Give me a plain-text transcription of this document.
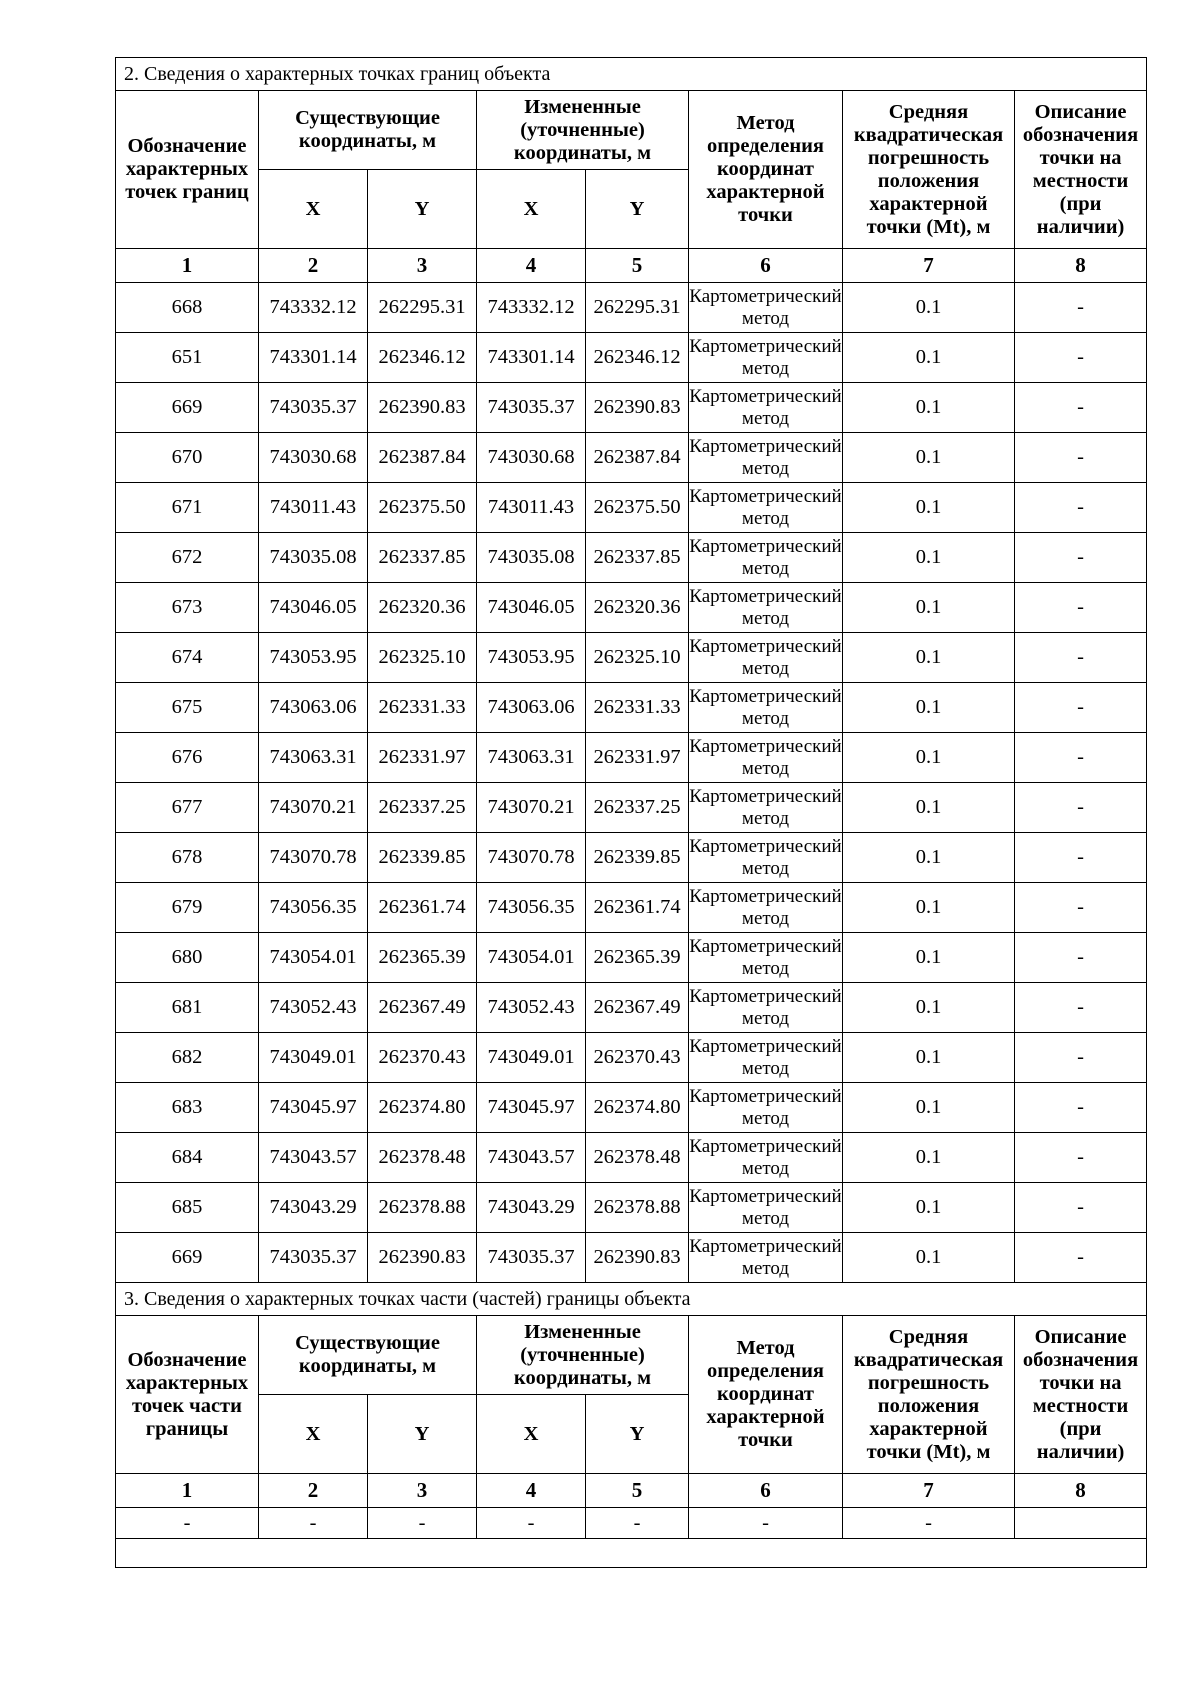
2. Сведения о характерных точках границ объекта							
Обозначение характерных точек границ	Существующие координаты, м		Измененные (уточненные) координаты, м		Метод определения координат характерной точки	Средняя квадратическая погрешность положения характерной точки (Mt), м	Описание обозначения точки на местности (при наличии)
	X	Y	X	Y			
1	2	3	4	5	6	7	8
668	743332.12	262295.31	743332.12	262295.31	Картометрический метод	0.1	-
651	743301.14	262346.12	743301.14	262346.12	Картометрический метод	0.1	-
669	743035.37	262390.83	743035.37	262390.83	Картометрический метод	0.1	-
670	743030.68	262387.84	743030.68	262387.84	Картометрический метод	0.1	-
671	743011.43	262375.50	743011.43	262375.50	Картометрический метод	0.1	-
672	743035.08	262337.85	743035.08	262337.85	Картометрический метод	0.1	-
673	743046.05	262320.36	743046.05	262320.36	Картометрический метод	0.1	-
674	743053.95	262325.10	743053.95	262325.10	Картометрический метод	0.1	-
675	743063.06	262331.33	743063.06	262331.33	Картометрический метод	0.1	-
676	743063.31	262331.97	743063.31	262331.97	Картометрический метод	0.1	-
677	743070.21	262337.25	743070.21	262337.25	Картометрический метод	0.1	-
678	743070.78	262339.85	743070.78	262339.85	Картометрический метод	0.1	-
679	743056.35	262361.74	743056.35	262361.74	Картометрический метод	0.1	-
680	743054.01	262365.39	743054.01	262365.39	Картометрический метод	0.1	-
681	743052.43	262367.49	743052.43	262367.49	Картометрический метод	0.1	-
682	743049.01	262370.43	743049.01	262370.43	Картометрический метод	0.1	-
683	743045.97	262374.80	743045.97	262374.80	Картометрический метод	0.1	-
684	743043.57	262378.48	743043.57	262378.48	Картометрический метод	0.1	-
685	743043.29	262378.88	743043.29	262378.88	Картометрический метод	0.1	-
669	743035.37	262390.83	743035.37	262390.83	Картометрический метод	0.1	-
3. Сведения о характерных точках части (частей) границы объекта							
Обозначение характерных точек части границы	Существующие координаты, м		Измененные (уточненные) координаты, м		Метод определения координат характерной точки	Средняя квадратическая погрешность положения характерной точки (Mt), м	Описание обозначения точки на местности (при наличии)
	X	Y	X	Y			
1	2	3	4	5	6	7	8
-	-	-	-	-	-	-	
